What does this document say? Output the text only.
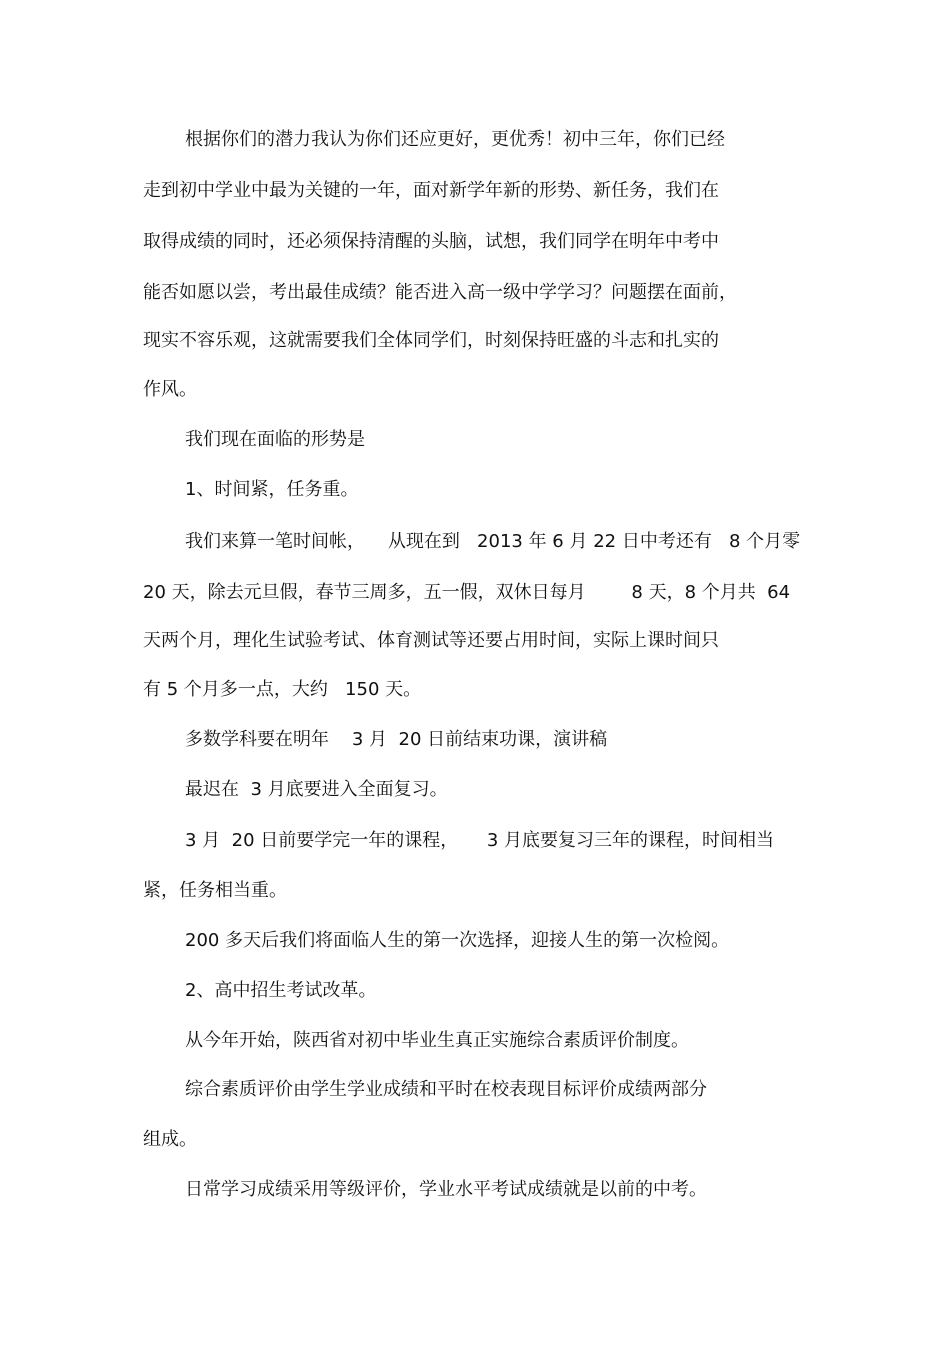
根据你们的潜力我认为你们还应更好，更优秀！初中三年，你们已经
走到初中学业中最为关键的一年，面对新学年新的形势、新任务，我们在
取得成绩的同时，还必须保持清醒的头脑，试想，我们同学在明年中考中
能否如愿以尝，考出最佳成绩？能否进入高一级中学学习？问题摆在面前，
现实不容乐观，这就需要我们全体同学们，时刻保持旺盛的斗志和扎实的
作风。
我们现在面临的形势是
1、时间紧，任务重。
我们来算一笔时间帐，    从现在到   2013 年 6 月 22 日中考还有   8 个月零
20 天，除去元旦假，春节三周多，五一假，双休日每月        8 天，8 个月共  64
天两个月，理化生试验考试、体育测试等还要占用时间，实际上课时间只
有 5 个月多一点，大约   150 天。
多数学科要在明年    3 月  20 日前结束功课，演讲稿
最迟在  3 月底要进入全面复习。
3 月  20 日前要学完一年的课程，     3 月底要复习三年的课程，时间相当
紧，任务相当重。
200 多天后我们将面临人生的第一次选择，迎接人生的第一次检阅。
2、高中招生考试改革。
从今年开始，陕西省对初中毕业生真正实施综合素质评价制度。
综合素质评价由学生学业成绩和平时在校表现目标评价成绩两部分
组成。
日常学习成绩采用等级评价，学业水平考试成绩就是以前的中考。
